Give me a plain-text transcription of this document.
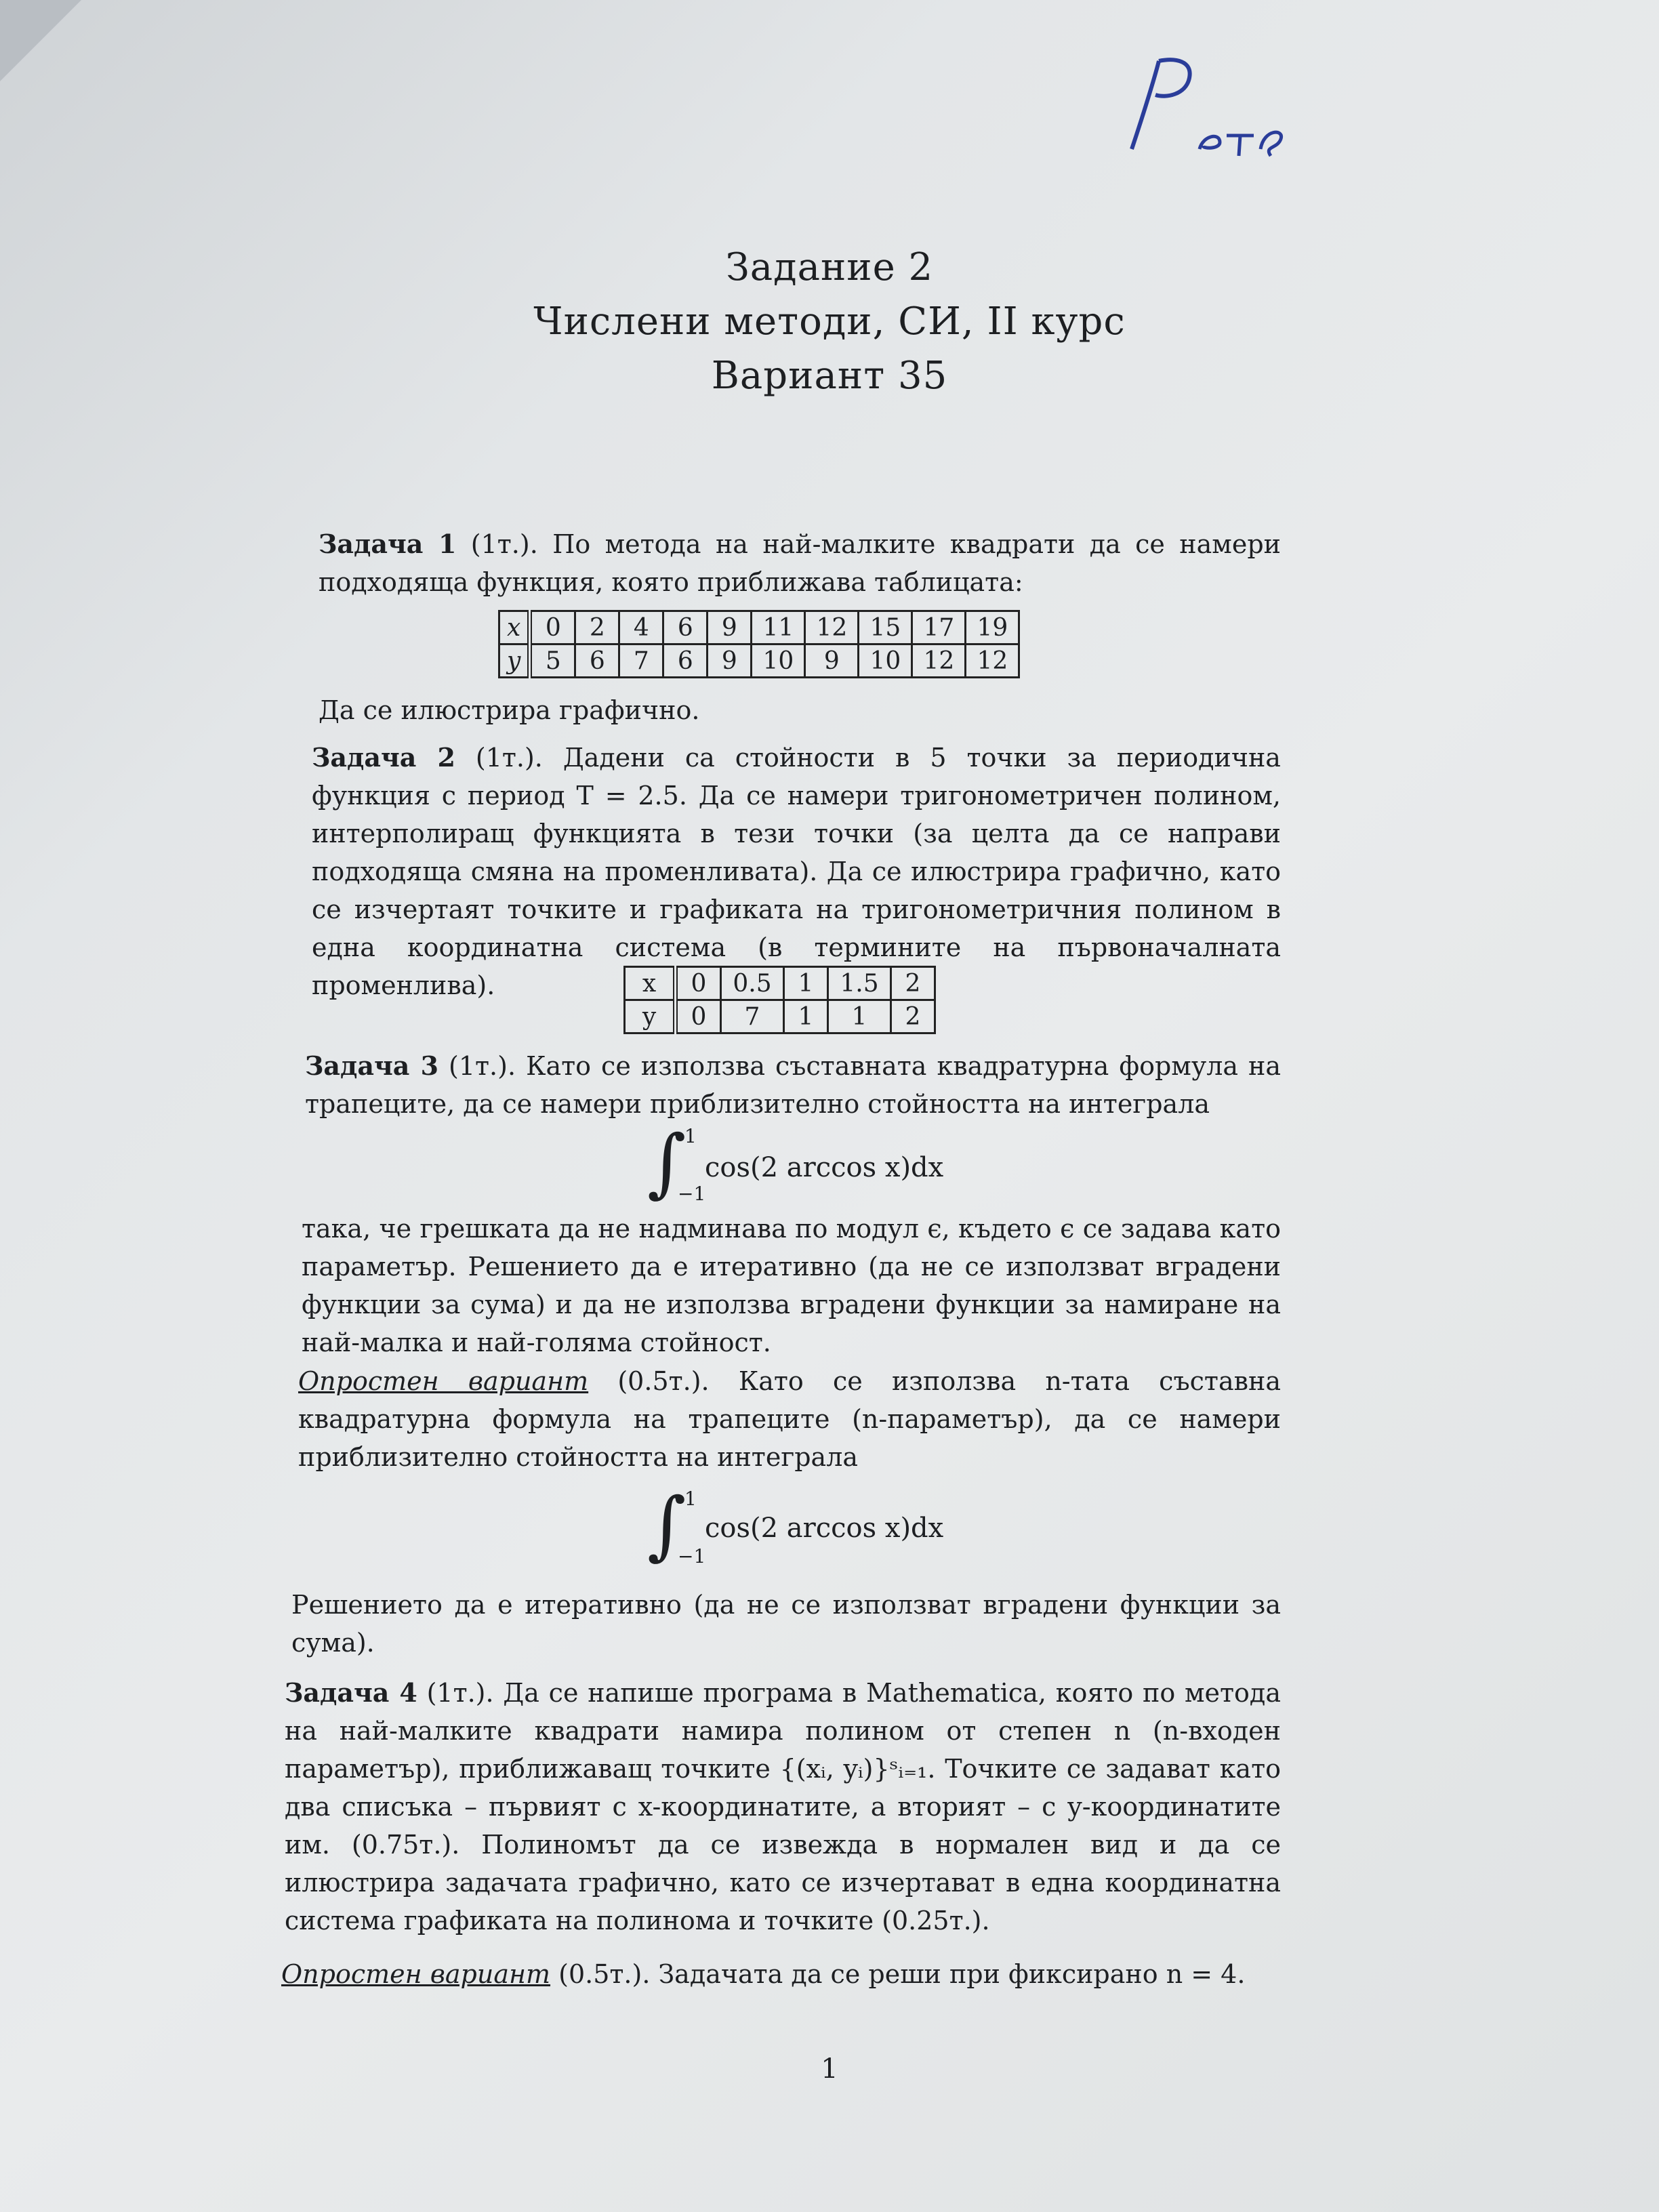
Задание 2
Числени методи, СИ, II курс
Вариант 35
Задача 1 (1т.). По метода на най-малките квадрати да се намери подходяща функция, която приближава таблицата:
x	0	2	4	6	9	11	12	15	17	19
y	5	6	7	6	9	10	9	10	12	12
Да се илюстрира графично.
Задача 2 (1т.). Дадени са стойности в 5 точки за периодична функция с период T = 2.5. Да се намери тригонометричен полином, интерполиращ функцията в тези точки (за целта да се направи подходяща смяна на променливата). Да се илюстрира графично, като се изчертаят точките и графиката на тригонометричния полином в една координатна система (в термините на първоначалната променлива).	x	0	0.5	1	1.5	2
y	0	7	1	1	2
Задача 3 (1т.). Като се използва съставната квадратурна формула на трапеците, да се намери приблизително стойността на интеграла
∫
1
−1
cos(2 arccos x)dx
така, че грешката да не надминава по модул ϵ, където ϵ се задава като параметър. Решението да е итеративно (да не се използват вградени функции за сума) и да не използва вградени функции за намиране на най-малка и най-голяма стойност.
Опростен вариант (0.5т.). Като се използва n-тата съставна квадратурна формула на трапеците (n-параметър), да се намери приблизително стойността на интеграла
∫
1
−1
cos(2 arccos x)dx
Решението да е итеративно (да не се използват вградени функции за сума).
Задача 4 (1т.). Да се напише програма в Mathematica, която по метода на най-малките квадрати намира полином от степен n (n-входен параметър), приближаващ точките {(xᵢ, yᵢ)}ˢᵢ₌₁. Точките се задават като два списъка – първият с x-координатите, а вторият – с y-координатите им. (0.75т.). Полиномът да се извежда в нормален вид и да се илюстрира задачата графично, като се изчертават в една координатна система графиката на полинома и точките (0.25т.).
Опростен вариант (0.5т.). Задачата да се реши при фиксирано n = 4.
1
